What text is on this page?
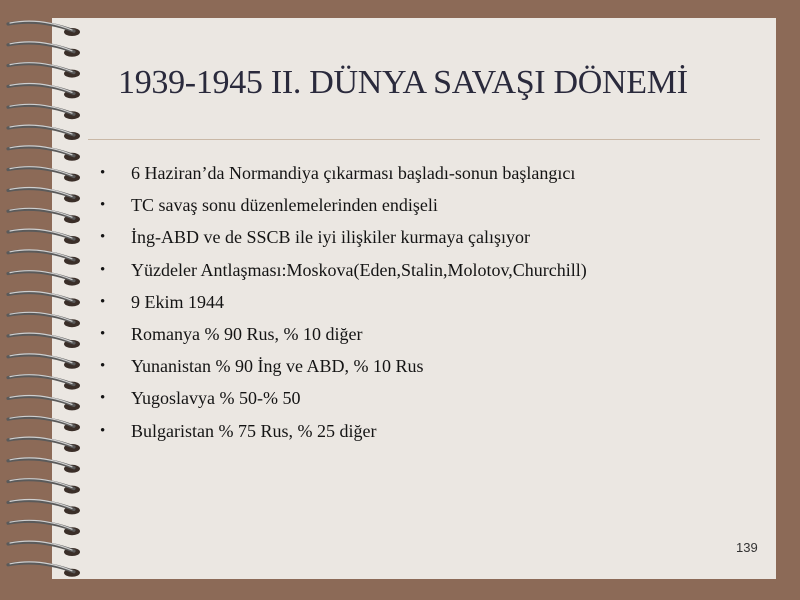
1939-1945 II. DÜNYA SAVAŞI DÖNEMİ
• 6 Haziran’da Normandiya çıkarması başladı-sonun başlangıcı
• TC savaş sonu düzenlemelerinden endişeli
• İng-ABD ve de SSCB ile iyi ilişkiler kurmaya çalışıyor
• Yüzdeler Antlaşması:Moskova(Eden,Stalin,Molotov,Churchill)
• 9 Ekim 1944
• Romanya % 90 Rus, % 10 diğer
• Yunanistan % 90 İng ve ABD, % 10 Rus
• Yugoslavya % 50-% 50
• Bulgaristan % 75 Rus, % 25 diğer
139
